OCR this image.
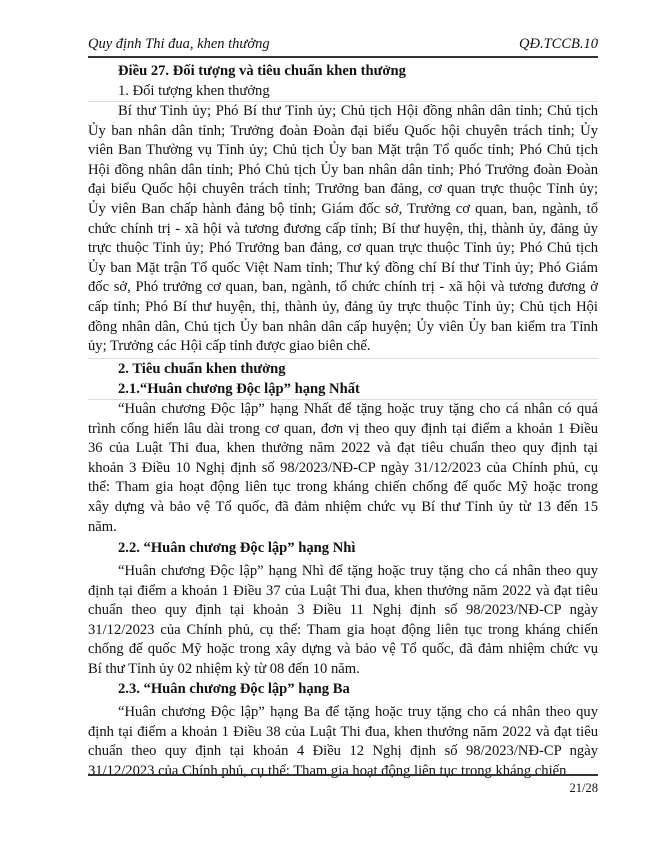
Quy định Thi đua, khen thưởng	QĐ.TCCB.10
Điều 27. Đối tượng và tiêu chuẩn khen thưởng
1. Đối tượng khen thưởng
Bí thư Tỉnh ủy; Phó Bí thư Tỉnh ủy; Chủ tịch Hội đồng nhân dân tỉnh; Chủ tịch
Ủy ban nhân dân tỉnh; Trưởng đoàn Đoàn đại biểu Quốc hội chuyên trách tỉnh; Ủy
viên Ban Thường vụ Tỉnh ủy; Chủ tịch Ủy ban Mặt trận Tổ quốc tỉnh; Phó Chủ tịch
Hội đồng nhân dân tỉnh; Phó Chủ tịch Ủy ban nhân dân tỉnh; Phó Trưởng đoàn Đoàn
đại biểu Quốc hội chuyên trách tỉnh; Trưởng ban đảng, cơ quan trực thuộc Tỉnh ủy;
Ủy viên Ban chấp hành đảng bộ tỉnh; Giám đốc sở, Trưởng cơ quan, ban, ngành, tổ
chức chính trị - xã hội và tương đương cấp tỉnh; Bí thư huyện, thị, thành ủy, đảng ủy
trực thuộc Tỉnh ủy; Phó Trưởng ban đảng, cơ quan trực thuộc Tỉnh ủy; Phó Chủ tịch
Ủy ban Mặt trận Tổ quốc Việt Nam tỉnh; Thư ký đồng chí Bí thư Tỉnh ủy; Phó Giám
đốc sở, Phó trưởng cơ quan, ban, ngành, tổ chức chính trị - xã hội và tương đương ở
cấp tỉnh; Phó Bí thư huyện, thị, thành ủy, đảng ủy trực thuộc Tỉnh ủy; Chủ tịch Hội
đồng nhân dân, Chủ tịch Ủy ban nhân dân cấp huyện; Ủy viên Ủy ban kiểm tra Tỉnh
ủy; Trưởng các Hội cấp tỉnh được giao biên chế.
2. Tiêu chuẩn khen thưởng
2.1.“Huân chương Độc lập” hạng Nhất
“Huân chương Độc lập” hạng Nhất để tặng hoặc truy tặng cho cá nhân có quá
trình cống hiến lâu dài trong cơ quan, đơn vị theo quy định tại điểm a khoản 1 Điều
36 của Luật Thi đua, khen thưởng năm 2022 và đạt tiêu chuẩn theo quy định tại
khoản 3 Điều 10 Nghị định số 98/2023/NĐ-CP ngày 31/12/2023 của Chính phủ, cụ
thể: Tham gia hoạt động liên tục trong kháng chiến chống đế quốc Mỹ hoặc trong
xây dựng và bảo vệ Tổ quốc, đã đảm nhiệm chức vụ Bí thư Tỉnh ủy từ 13 đến 15
năm.
2.2. “Huân chương Độc lập” hạng Nhì
“Huân chương Độc lập” hạng Nhì để tặng hoặc truy tặng cho cá nhân theo quy
định tại điểm a khoản 1 Điều 37 của Luật Thi đua, khen thưởng năm 2022 và đạt tiêu
chuẩn theo quy định tại khoản 3 Điều 11 Nghị định số 98/2023/NĐ-CP ngày
31/12/2023 của Chính phủ, cụ thể: Tham gia hoạt động liên tục trong kháng chiến
chống đế quốc Mỹ hoặc trong xây dựng và bảo vệ Tổ quốc, đã đảm nhiệm chức vụ
Bí thư Tỉnh ủy 02 nhiệm kỳ từ 08 đến 10 năm.
2.3. “Huân chương Độc lập” hạng Ba
“Huân chương Độc lập” hạng Ba để tặng hoặc truy tặng cho cá nhân theo quy
định tại điểm a khoản 1 Điều 38 của Luật Thi đua, khen thưởng năm 2022 và đạt tiêu
chuẩn theo quy định tại khoản 4 Điều 12 Nghị định số 98/2023/NĐ-CP ngày
31/12/2023 của Chính phủ, cụ thể: Tham gia hoạt động liên tục trong kháng chiến
21/28
